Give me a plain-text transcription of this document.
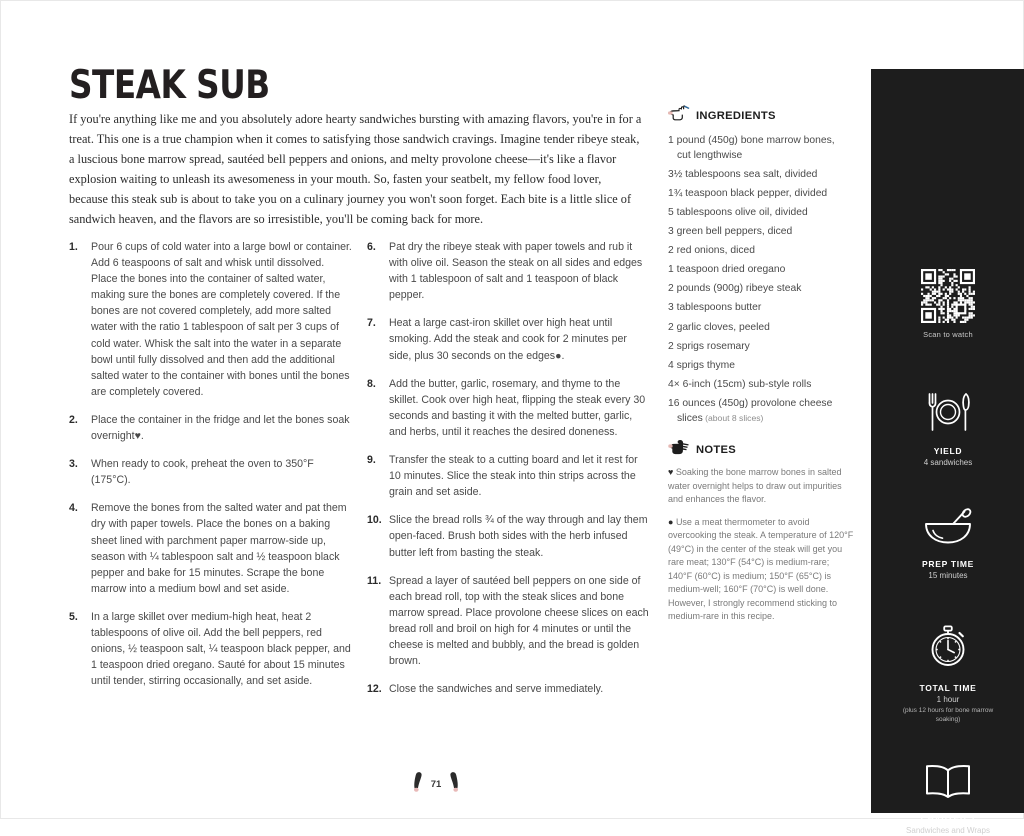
STEAK SUB
If you're anything like me and you absolutely adore hearty sandwiches bursting with amazing flavors, you're in for a treat. This one is a true champion when it comes to satisfying those sandwich cravings. Imagine tender ribeye steak, a luscious bone marrow spread, sautéed bell peppers and onions, and melty provolone cheese—it's like a flavor explosion waiting to unleash its awesomeness in your mouth. So, fasten your seatbelt, my fellow food lover, because this steak sub is about to take you on a culinary journey you won't soon forget. Each bite is a little slice of sandwich heaven, and the flavors are so irresistible, you'll be coming back for more.
1.	Pour 6 cups of cold water into a large bowl or container. Add 6 teaspoons of salt and whisk until dissolved. Place the bones into the container of salted water, making sure the bones are completely covered. If the bones are not covered completely, add more salted water with the ratio 1 tablespoon of salt per 3 cups of cold water. Whisk the salt into the water in a separate bowl until fully dissolved and then add the additional salted water to the container with bones until the bones are completely covered.
2.	Place the container in the fridge and let the bones soak overnight♥.
3.	When ready to cook, preheat the oven to 350°F (175°C).
4.	Remove the bones from the salted water and pat them dry with paper towels. Place the bones on a baking sheet lined with parchment paper marrow-side up, season with ¼ tablespoon salt and ½ teaspoon black pepper and bake for 15 minutes. Scrape the bone marrow into a medium bowl and set aside.
5.	In a large skillet over medium-high heat, heat 2 tablespoons of olive oil. Add the bell peppers, red onions, ½ teaspoon salt, ¼ teaspoon black pepper, and 1 teaspoon dried oregano. Sauté for about 15 minutes until tender, stirring occasionally, and set aside.
6.	Pat dry the ribeye steak with paper towels and rub it with olive oil. Season the steak on all sides and edges with 1 tablespoon of salt and 1 teaspoon of black pepper.
7.	Heat a large cast-iron skillet over high heat until smoking. Add the steak and cook for 2 minutes per side, plus 30 seconds on the edges●.
8.	Add the butter, garlic, rosemary, and thyme to the skillet. Cook over high heat, flipping the steak every 30 seconds and basting it with the melted butter, garlic, and herbs, until it reaches the desired doneness.
9.	Transfer the steak to a cutting board and let it rest for 10 minutes. Slice the steak into thin strips across the grain and set aside.
10. Slice the bread rolls ¾ of the way through and lay them open-faced. Brush both sides with the herb infused butter left from basting the steak.
11. Spread a layer of sautéed bell peppers on one side of each bread roll, top with the steak slices and bone marrow spread. Place provolone cheese slices on each bread roll and broil on high for 4 minutes or until the cheese is melted and bubbly, and the bread is golden brown.
12. Close the sandwiches and serve immediately.
INGREDIENTS
1 pound (450g) bone marrow bones,
cut lengthwise
3½ tablespoons sea salt, divided
1¾ teaspoon black pepper, divided
5 tablespoons olive oil, divided
3 green bell peppers, diced
2 red onions, diced
1 teaspoon dried oregano
2 pounds (900g) ribeye steak
3 tablespoons butter
2 garlic cloves, peeled
2 sprigs rosemary
4 sprigs thyme
4× 6-inch (15cm) sub-style rolls
16 ounces (450g) provolone cheese
slices (about 8 slices)
NOTES
♥ Soaking the bone marrow bones in salted water overnight helps to draw out impurities and enhances the flavor.
● Use a meat thermometer to avoid overcooking the steak. A temperature of 120°F (49°C) in the center of the steak will get you rare meat; 130°F (54°C) is medium-rare; 140°F (60°C) is medium; 150°F (65°C) is medium-well; 160°F (70°C) is well done. However, I strongly recommend sticking to medium-rare in this recipe.
71
Scan to watch
YIELD
4 sandwiches
PREP TIME
15 minutes
TOTAL TIME
1 hour
(plus 12 hours for bone marrow soaking)
CHAPTER 2
Sandwiches and Wraps
